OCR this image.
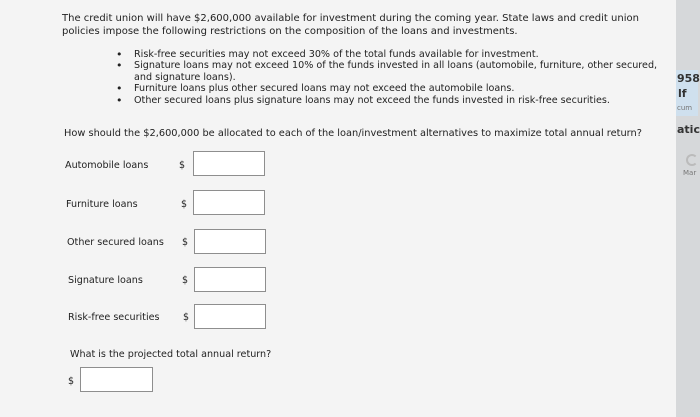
The credit union will have $2,600,000 available for investment during the coming year. State laws and credit union policies impose the following restrictions on the composition of the loans and investments.
• Risk-free securities may not exceed 30% of the total funds available for investment.
• Signature loans may not exceed 10% of the funds invested in all loans (automobile, furniture, other secured, and signature loans).
• Furniture loans plus other secured loans may not exceed the automobile loans.
• Other secured loans plus signature loans may not exceed the funds invested in risk-free securities.
How should the $2,600,000 be allocated to each of the loan/investment alternatives to maximize total annual return?
Automobile loans	$
Furniture loans	$
Other secured loans $
Signature loans	$
Risk-free securities $
What is the projected total annual return?
$
958
lf
cum
atic
Mar
